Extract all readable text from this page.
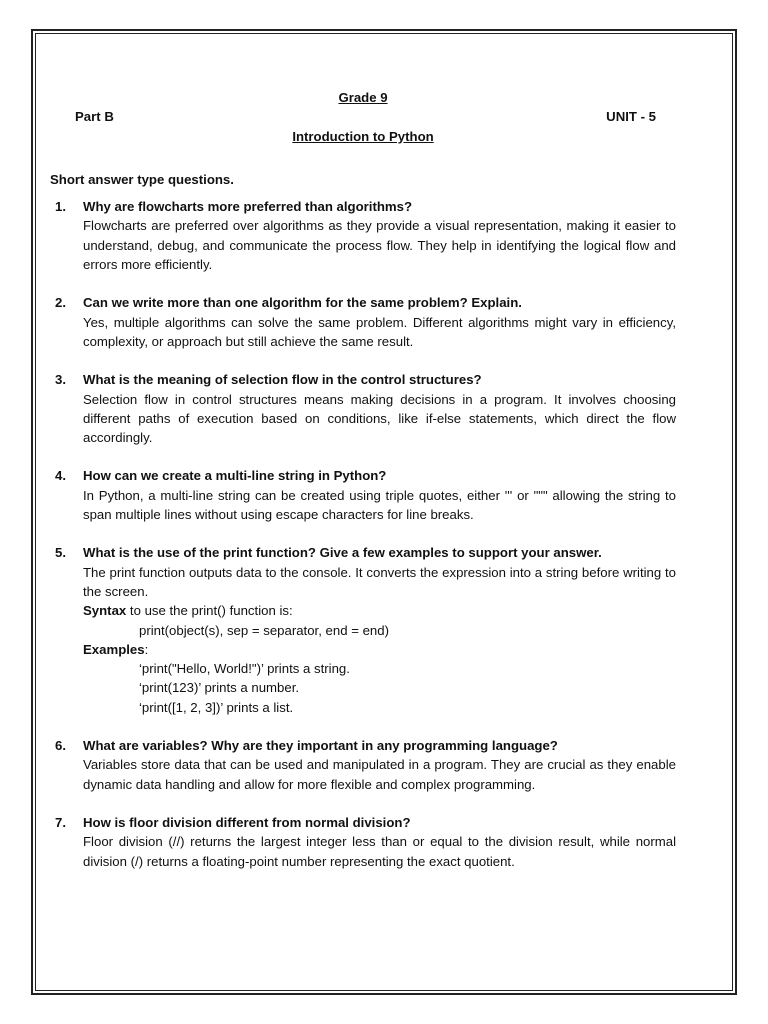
Grade 9
Part B	UNIT - 5
Introduction to Python
Short answer type questions.
1.	Why are flowcharts more preferred than algorithms?
Flowcharts are preferred over algorithms as they provide a visual representation, making it easier to understand, debug, and communicate the process flow. They help in identifying the logical flow and errors more efficiently.
2.	Can we write more than one algorithm for the same problem? Explain.
Yes, multiple algorithms can solve the same problem. Different algorithms might vary in efficiency, complexity, or approach but still achieve the same result.
3.	What is the meaning of selection flow in the control structures?
Selection flow in control structures means making decisions in a program. It involves choosing different paths of execution based on conditions, like if-else statements, which direct the flow accordingly.
4.	How can we create a multi-line string in Python?
In Python, a multi-line string can be created using triple quotes, either ''' or """ allowing the string to span multiple lines without using escape characters for line breaks.
5.	What is the use of the print function? Give a few examples to support your answer.
The print function outputs data to the console. It converts the expression into a string before writing to the screen.
Syntax to use the print() function is:
print(object(s), sep = separator, end = end)
Examples:
‘print("Hello, World!")’ prints a string.
‘print(123)’ prints a number.
‘print([1, 2, 3])’ prints a list.
6.	What are variables? Why are they important in any programming language?
Variables store data that can be used and manipulated in a program. They are crucial as they enable dynamic data handling and allow for more flexible and complex programming.
7.	How is floor division different from normal division?
Floor division (//) returns the largest integer less than or equal to the division result, while normal division (/) returns a floating-point number representing the exact quotient.
